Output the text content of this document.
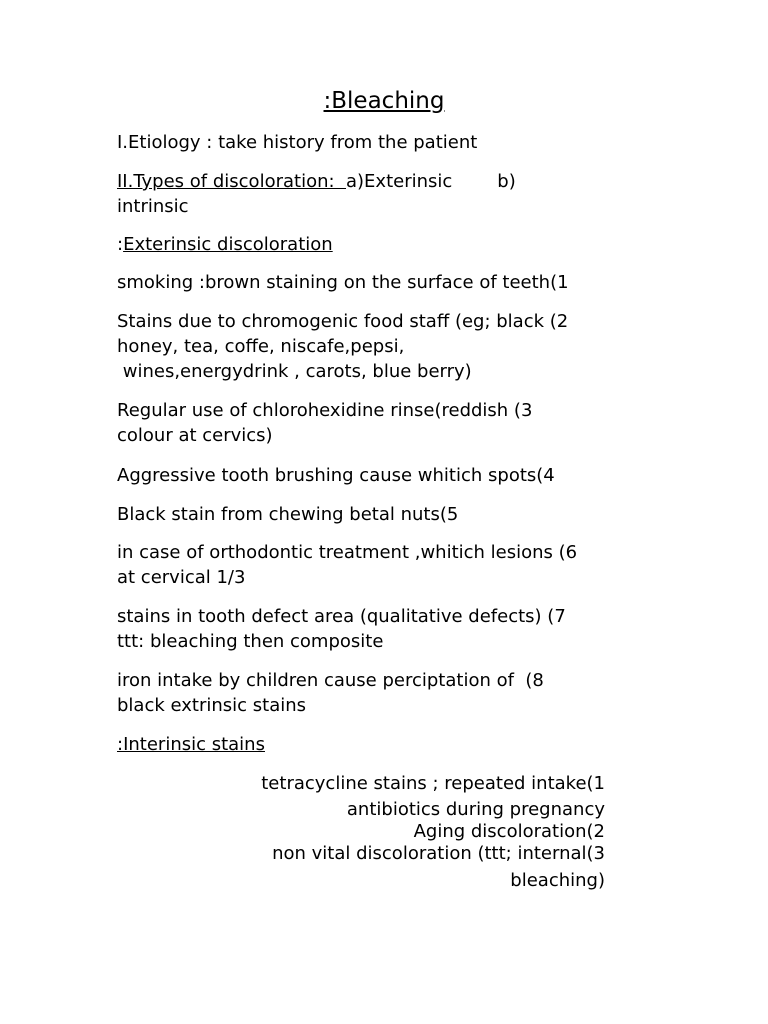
:Bleaching
I.Etiology : take history from the patient
II.Types of discoloration:  a)Exterinsic	b)
intrinsic
:Exterinsic discoloration
smoking :brown staining on the surface of teeth(1
Stains due to chromogenic food staff (eg; black (2
honey, tea, coffe, niscafe,pepsi,
wines,energydrink , carots, blue berry)
Regular use of chlorohexidine rinse(reddish (3
colour at cervics)
Aggressive tooth brushing cause whitich spots(4
Black stain from chewing betal nuts(5
in case of orthodontic treatment ,whitich lesions (6
at cervical 1/3
stains in tooth defect area (qualitative defects) (7
ttt: bleaching then composite
iron intake by children cause perciptation of  (8
black extrinsic stains
:Interinsic stains
tetracycline stains ; repeated intake(1
antibiotics during pregnancy
Aging discoloration(2
non vital discoloration (ttt; internal(3
bleaching)
